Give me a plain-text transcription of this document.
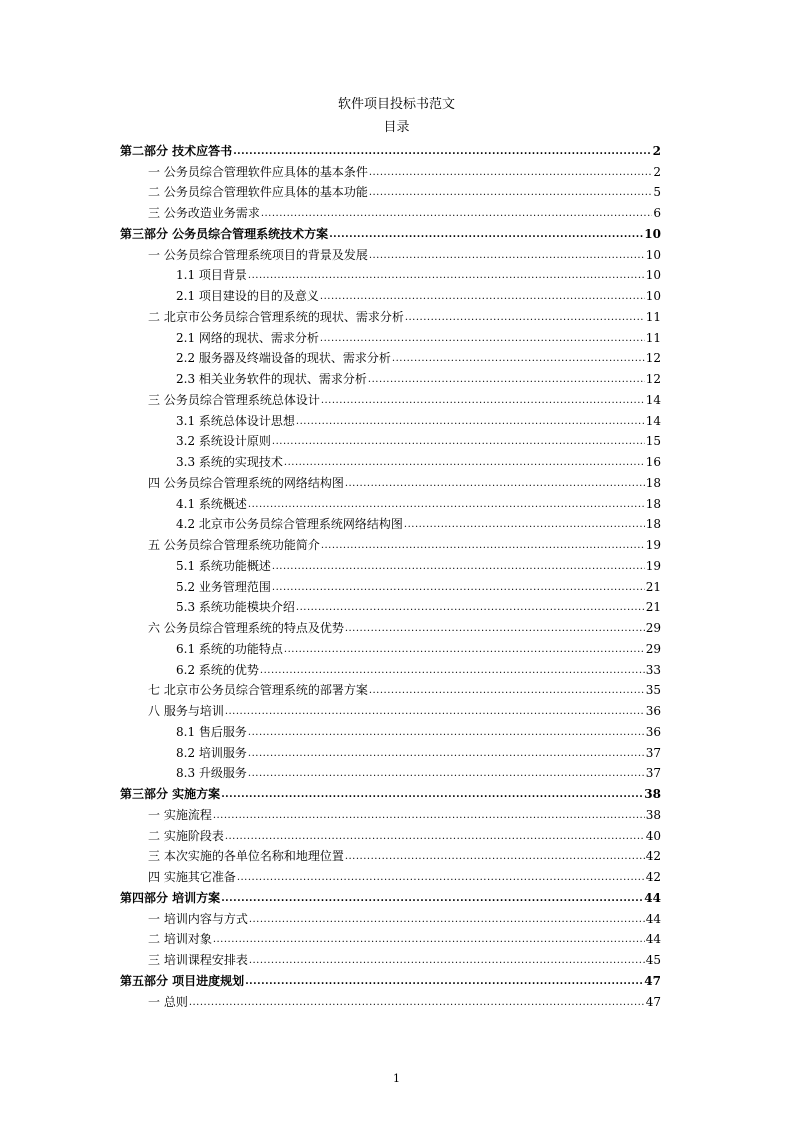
软件项目投标书范文
目录
第二部分 技术应答书 .....	2
一 公务员综合管理软件应具体的基本条件 .....	2
二 公务员综合管理软件应具体的基本功能 .....	5
三 公务改造业务需求 .....	6
第三部分 公务员综合管理系统技术方案 .....	10
一 公务员综合管理系统项目的背景及发展 .....	10
1.1 项目背景 .....	10
2.1 项目建设的目的及意义 .....	10
二 北京市公务员综合管理系统的现状、需求分析 .....	11
2.1 网络的现状、需求分析 .....	11
2.2 服务器及终端设备的现状、需求分析 .....	12
2.3 相关业务软件的现状、需求分析 .....	12
三 公务员综合管理系统总体设计 .....	14
3.1 系统总体设计思想 .....	14
3.2 系统设计原则 .....	15
3.3 系统的实现技术 .....	16
四 公务员综合管理系统的网络结构图 .....	18
4.1 系统概述 .....	18
4.2 北京市公务员综合管理系统网络结构图 .....	18
五 公务员综合管理系统功能简介 .....	19
5.1 系统功能概述 .....	19
5.2 业务管理范围 .....	21
5.3 系统功能模块介绍 .....	21
六 公务员综合管理系统的特点及优势 .....	29
6.1 系统的功能特点 .....	29
6.2 系统的优势 .....	33
七 北京市公务员综合管理系统的部署方案 .....	35
八 服务与培训 .....	36
8.1 售后服务 .....	36
8.2 培训服务 .....	37
8.3 升级服务 .....	37
第三部分 实施方案 .....	38
一 实施流程 .....	38
二 实施阶段表 .....	40
三 本次实施的各单位名称和地理位置 .....	42
四 实施其它准备 .....	42
第四部分 培训方案 .....	44
一 培训内容与方式 .....	44
二 培训对象 .....	44
三 培训课程安排表 .....	45
第五部分 项目进度规划 .....	47
一 总则 .....	47
1
